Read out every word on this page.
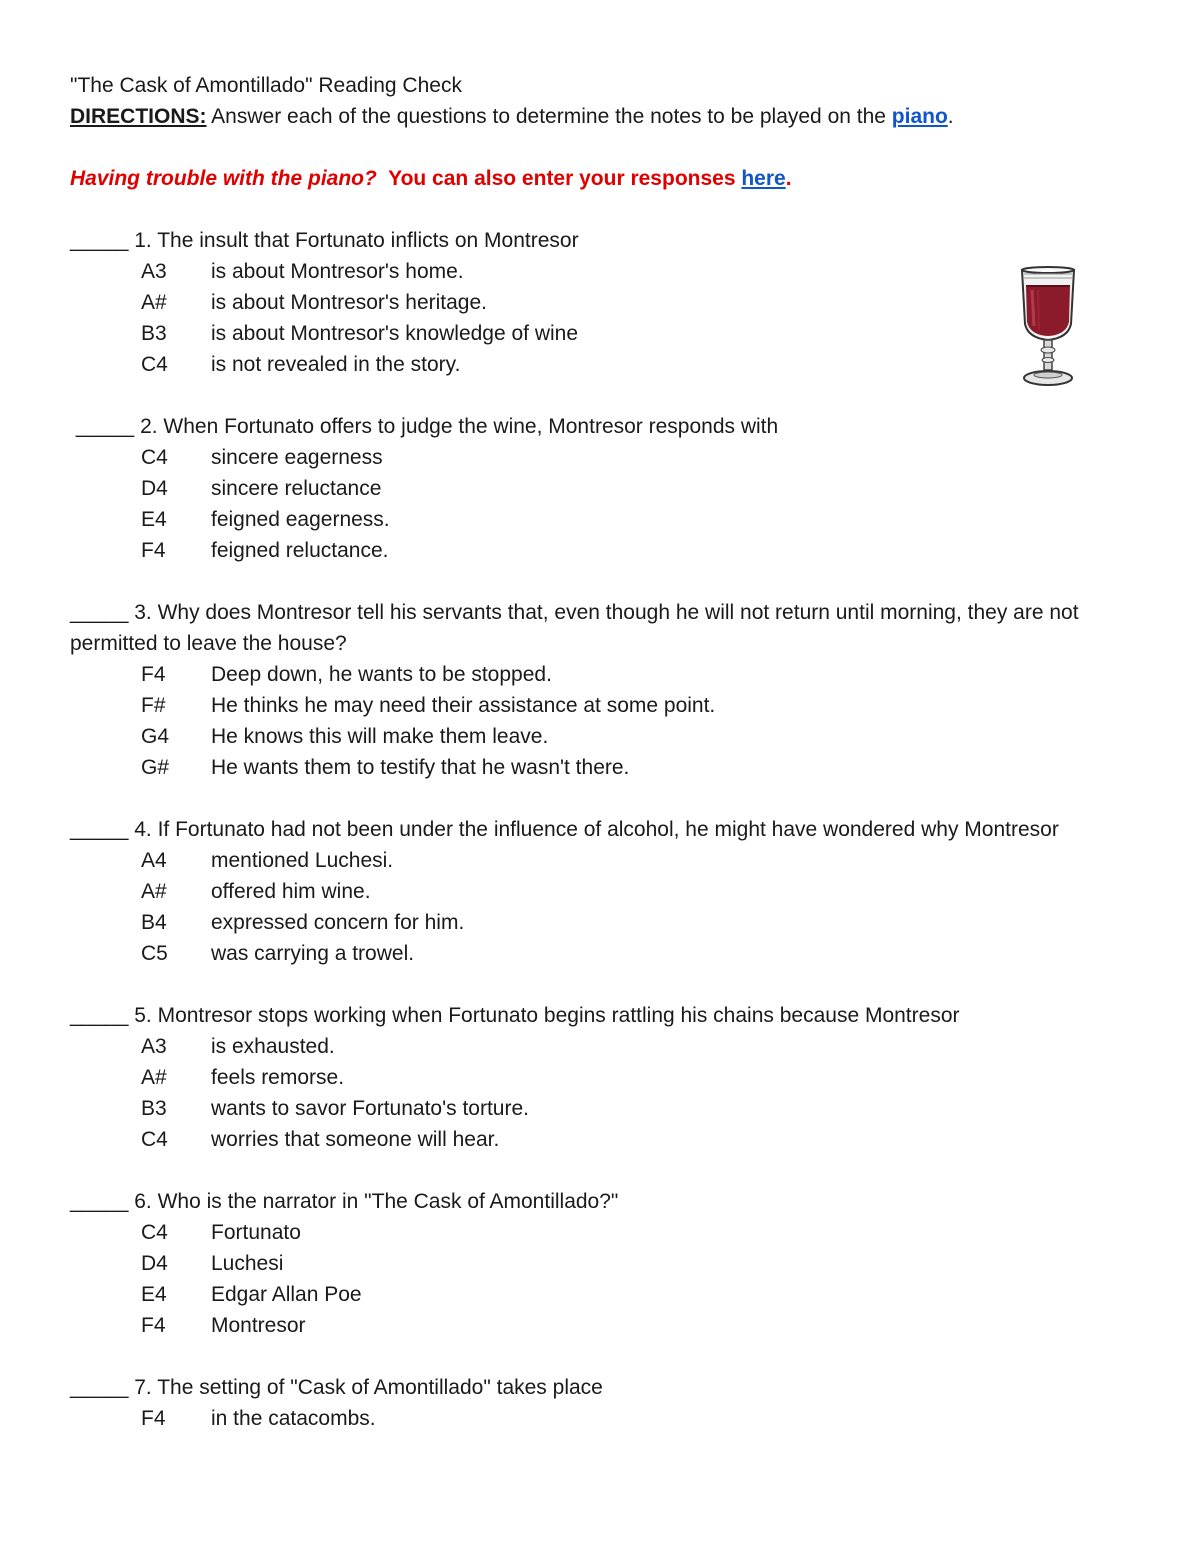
"The Cask of Amontillado" Reading Check
DIRECTIONS: Answer each of the questions to determine the notes to be played on the piano.
Having trouble with the piano?  You can also enter your responses here.
_____ 1. The insult that Fortunato inflicts on Montresor
A3	is about Montresor's home.
A#	is about Montresor's heritage.
B3	is about Montresor's knowledge of wine
C4	is not revealed in the story.
_____ 2. When Fortunato offers to judge the wine, Montresor responds with
C4	sincere eagerness
D4	sincere reluctance
E4	feigned eagerness.
F4	feigned reluctance.
_____ 3. Why does Montresor tell his servants that, even though he will not return until morning, they are not permitted to leave the house?
F4	Deep down, he wants to be stopped.
F#	He thinks he may need their assistance at some point.
G4	He knows this will make them leave.
G#	He wants them to testify that he wasn't there.
_____ 4. If Fortunato had not been under the influence of alcohol, he might have wondered why Montresor
A4	mentioned Luchesi.
A#	offered him wine.
B4	expressed concern for him.
C5	was carrying a trowel.
_____ 5. Montresor stops working when Fortunato begins rattling his chains because Montresor
A3	is exhausted.
A#	feels remorse.
B3	wants to savor Fortunato's torture.
C4	worries that someone will hear.
_____ 6. Who is the narrator in "The Cask of Amontillado?"
C4	Fortunato
D4	Luchesi
E4	Edgar Allan Poe
F4	Montresor
_____ 7. The setting of "Cask of Amontillado" takes place
F4	in the catacombs.
